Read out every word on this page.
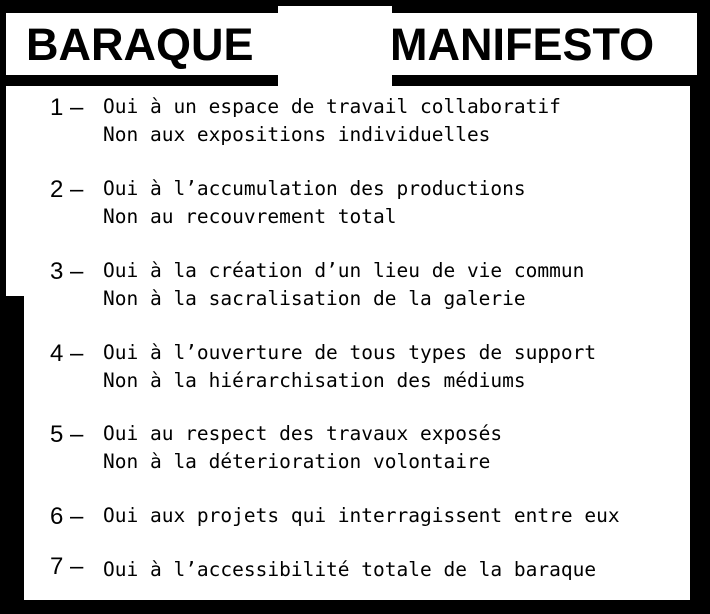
BARAQUE	MANIFESTO
1 – Oui à un espace de travail collaboratif
Non aux expositions individuelles
2 – Oui à l’accumulation des productions
Non au recouvrement total
3 – Oui à la création d’un lieu de vie commun
Non à la sacralisation de la galerie
4 – Oui à l’ouverture de tous types de support
Non à la hiérarchisation des médiums
5 – Oui au respect des travaux exposés
Non à la déterioration volontaire
6 – Oui aux projets qui interragissent entre eux
7 – Oui à l’accessibilité totale de la baraque
